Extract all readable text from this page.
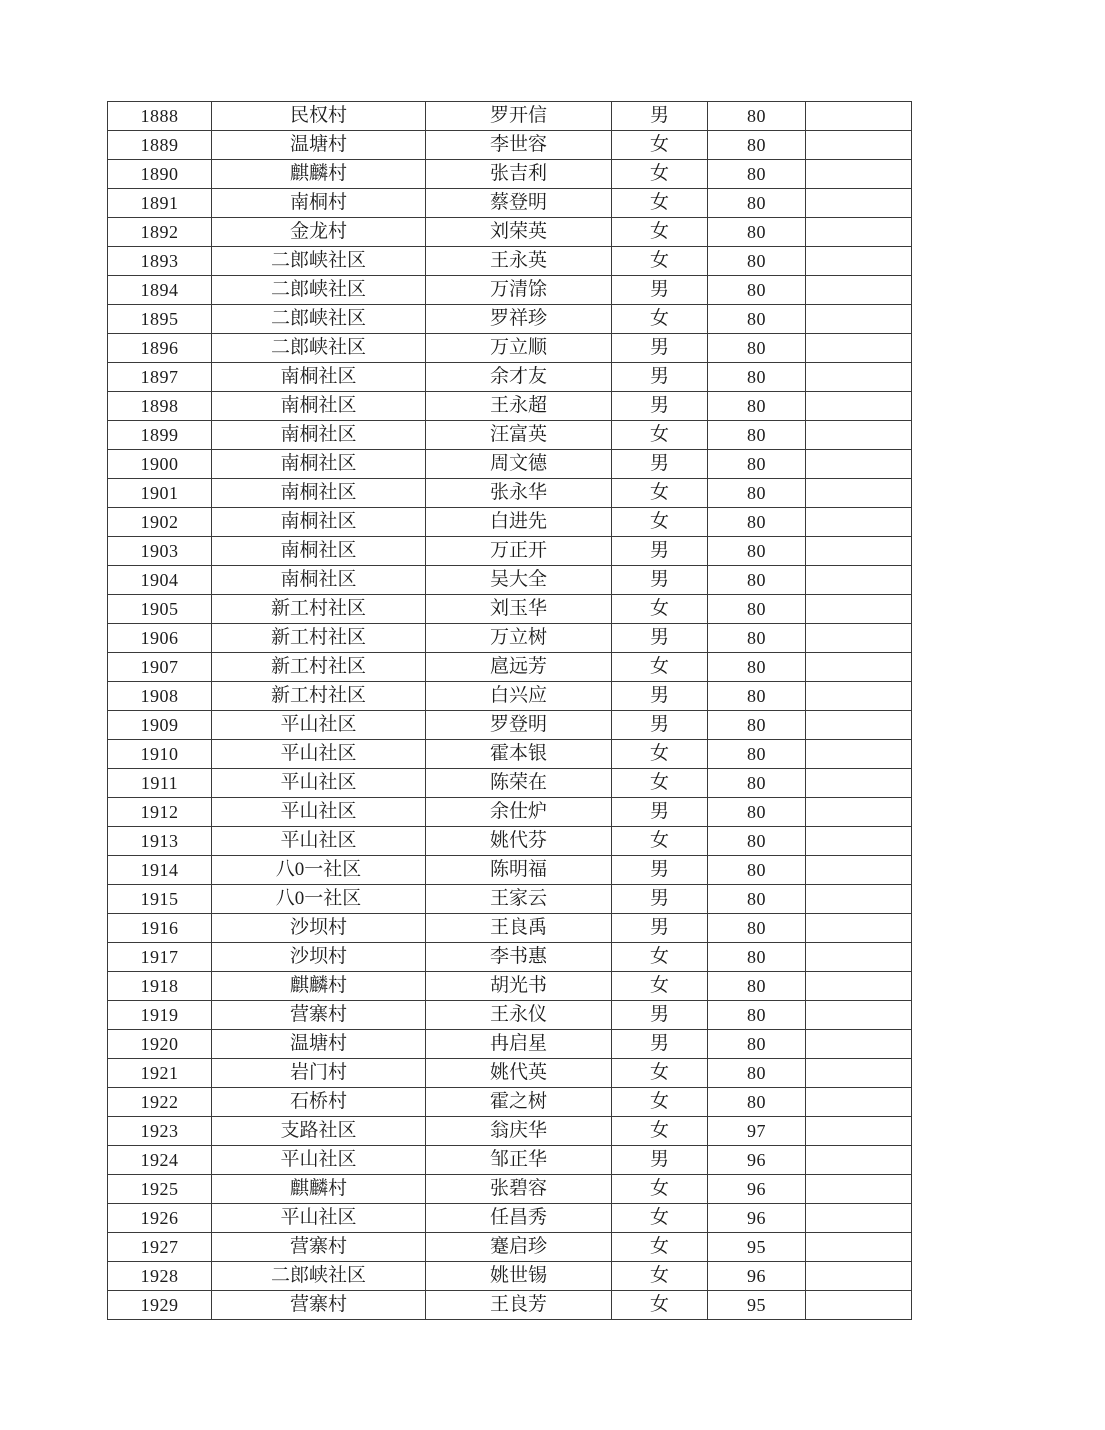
1888	民权村	罗开信	男	80	
1889	温塘村	李世容	女	80	
1890	麒麟村	张吉利	女	80	
1891	南桐村	蔡登明	女	80	
1892	金龙村	刘荣英	女	80	
1893	二郎峡社区	王永英	女	80	
1894	二郎峡社区	万清馀	男	80	
1895	二郎峡社区	罗祥珍	女	80	
1896	二郎峡社区	万立顺	男	80	
1897	南桐社区	余才友	男	80	
1898	南桐社区	王永超	男	80	
1899	南桐社区	汪富英	女	80	
1900	南桐社区	周文德	男	80	
1901	南桐社区	张永华	女	80	
1902	南桐社区	白进先	女	80	
1903	南桐社区	万正开	男	80	
1904	南桐社区	吴大全	男	80	
1905	新工村社区	刘玉华	女	80	
1906	新工村社区	万立树	男	80	
1907	新工村社区	扈远芳	女	80	
1908	新工村社区	白兴应	男	80	
1909	平山社区	罗登明	男	80	
1910	平山社区	霍本银	女	80	
1911	平山社区	陈荣在	女	80	
1912	平山社区	余仕炉	男	80	
1913	平山社区	姚代芬	女	80	
1914	八0一社区	陈明福	男	80	
1915	八0一社区	王家云	男	80	
1916	沙坝村	王良禹	男	80	
1917	沙坝村	李书惠	女	80	
1918	麒麟村	胡光书	女	80	
1919	营寨村	王永仪	男	80	
1920	温塘村	冉启星	男	80	
1921	岩门村	姚代英	女	80	
1922	石桥村	霍之树	女	80	
1923	支路社区	翁庆华	女	97	
1924	平山社区	邹正华	男	96	
1925	麒麟村	张碧容	女	96	
1926	平山社区	任昌秀	女	96	
1927	营寨村	蹇启珍	女	95	
1928	二郎峡社区	姚世锡	女	96	
1929	营寨村	王良芳	女	95	
